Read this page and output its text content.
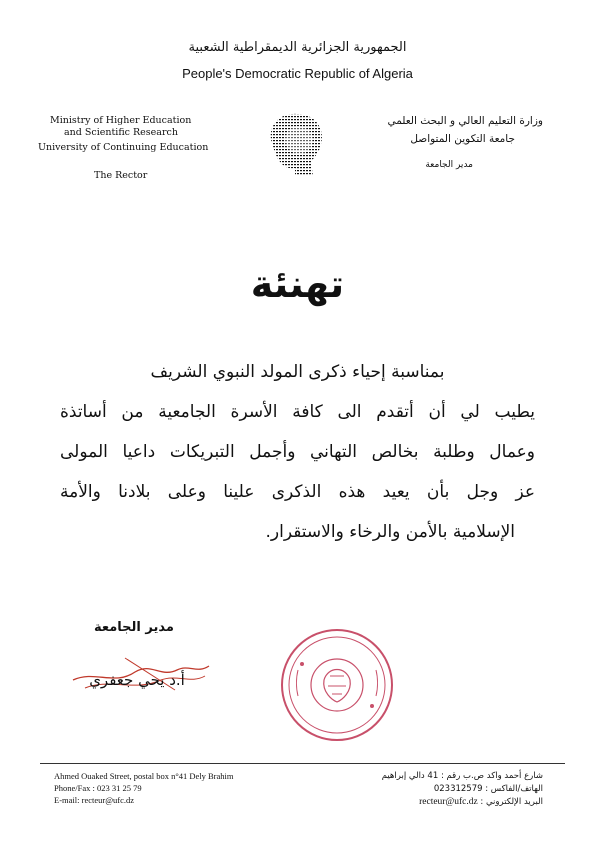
الجمهورية الجزائرية الديمقراطية الشعبية
People's Democratic Republic of Algeria
Ministry of Higher Education
and Scientific Research
University of Continuing Education
The Rector
وزارة التعليم العالي و البحث العلمي
جامعة التكوين المتواصل
مدير الجامعة
تهنئة
بمناسبة إحياء ذكرى المولد النبوي الشريف
يطيب لي أن أتقدم الى كافة الأسرة الجامعية من أساتذة
وعمال وطلبة بخالص التهاني وأجمل التبريكات داعيا المولى
عز وجل بأن يعيد هذه الذكرى علينا وعلى بلادنا والأمة
الإسلامية بالأمن والرخاء والاستقرار.
مدير الجامعة
أ.د يحي جعفري
Ahmed Ouaked Street, postal box n°41 Dely Brahim
Phone/Fax : 023 31 25 79
E-mail: recteur@ufc.dz
شارع أحمد واكد ص.ب رقم : 41 دالي إبراهيم
الهاتف/الفاكس : 023312579
البريد الإلكتروني : recteur@ufc.dz
